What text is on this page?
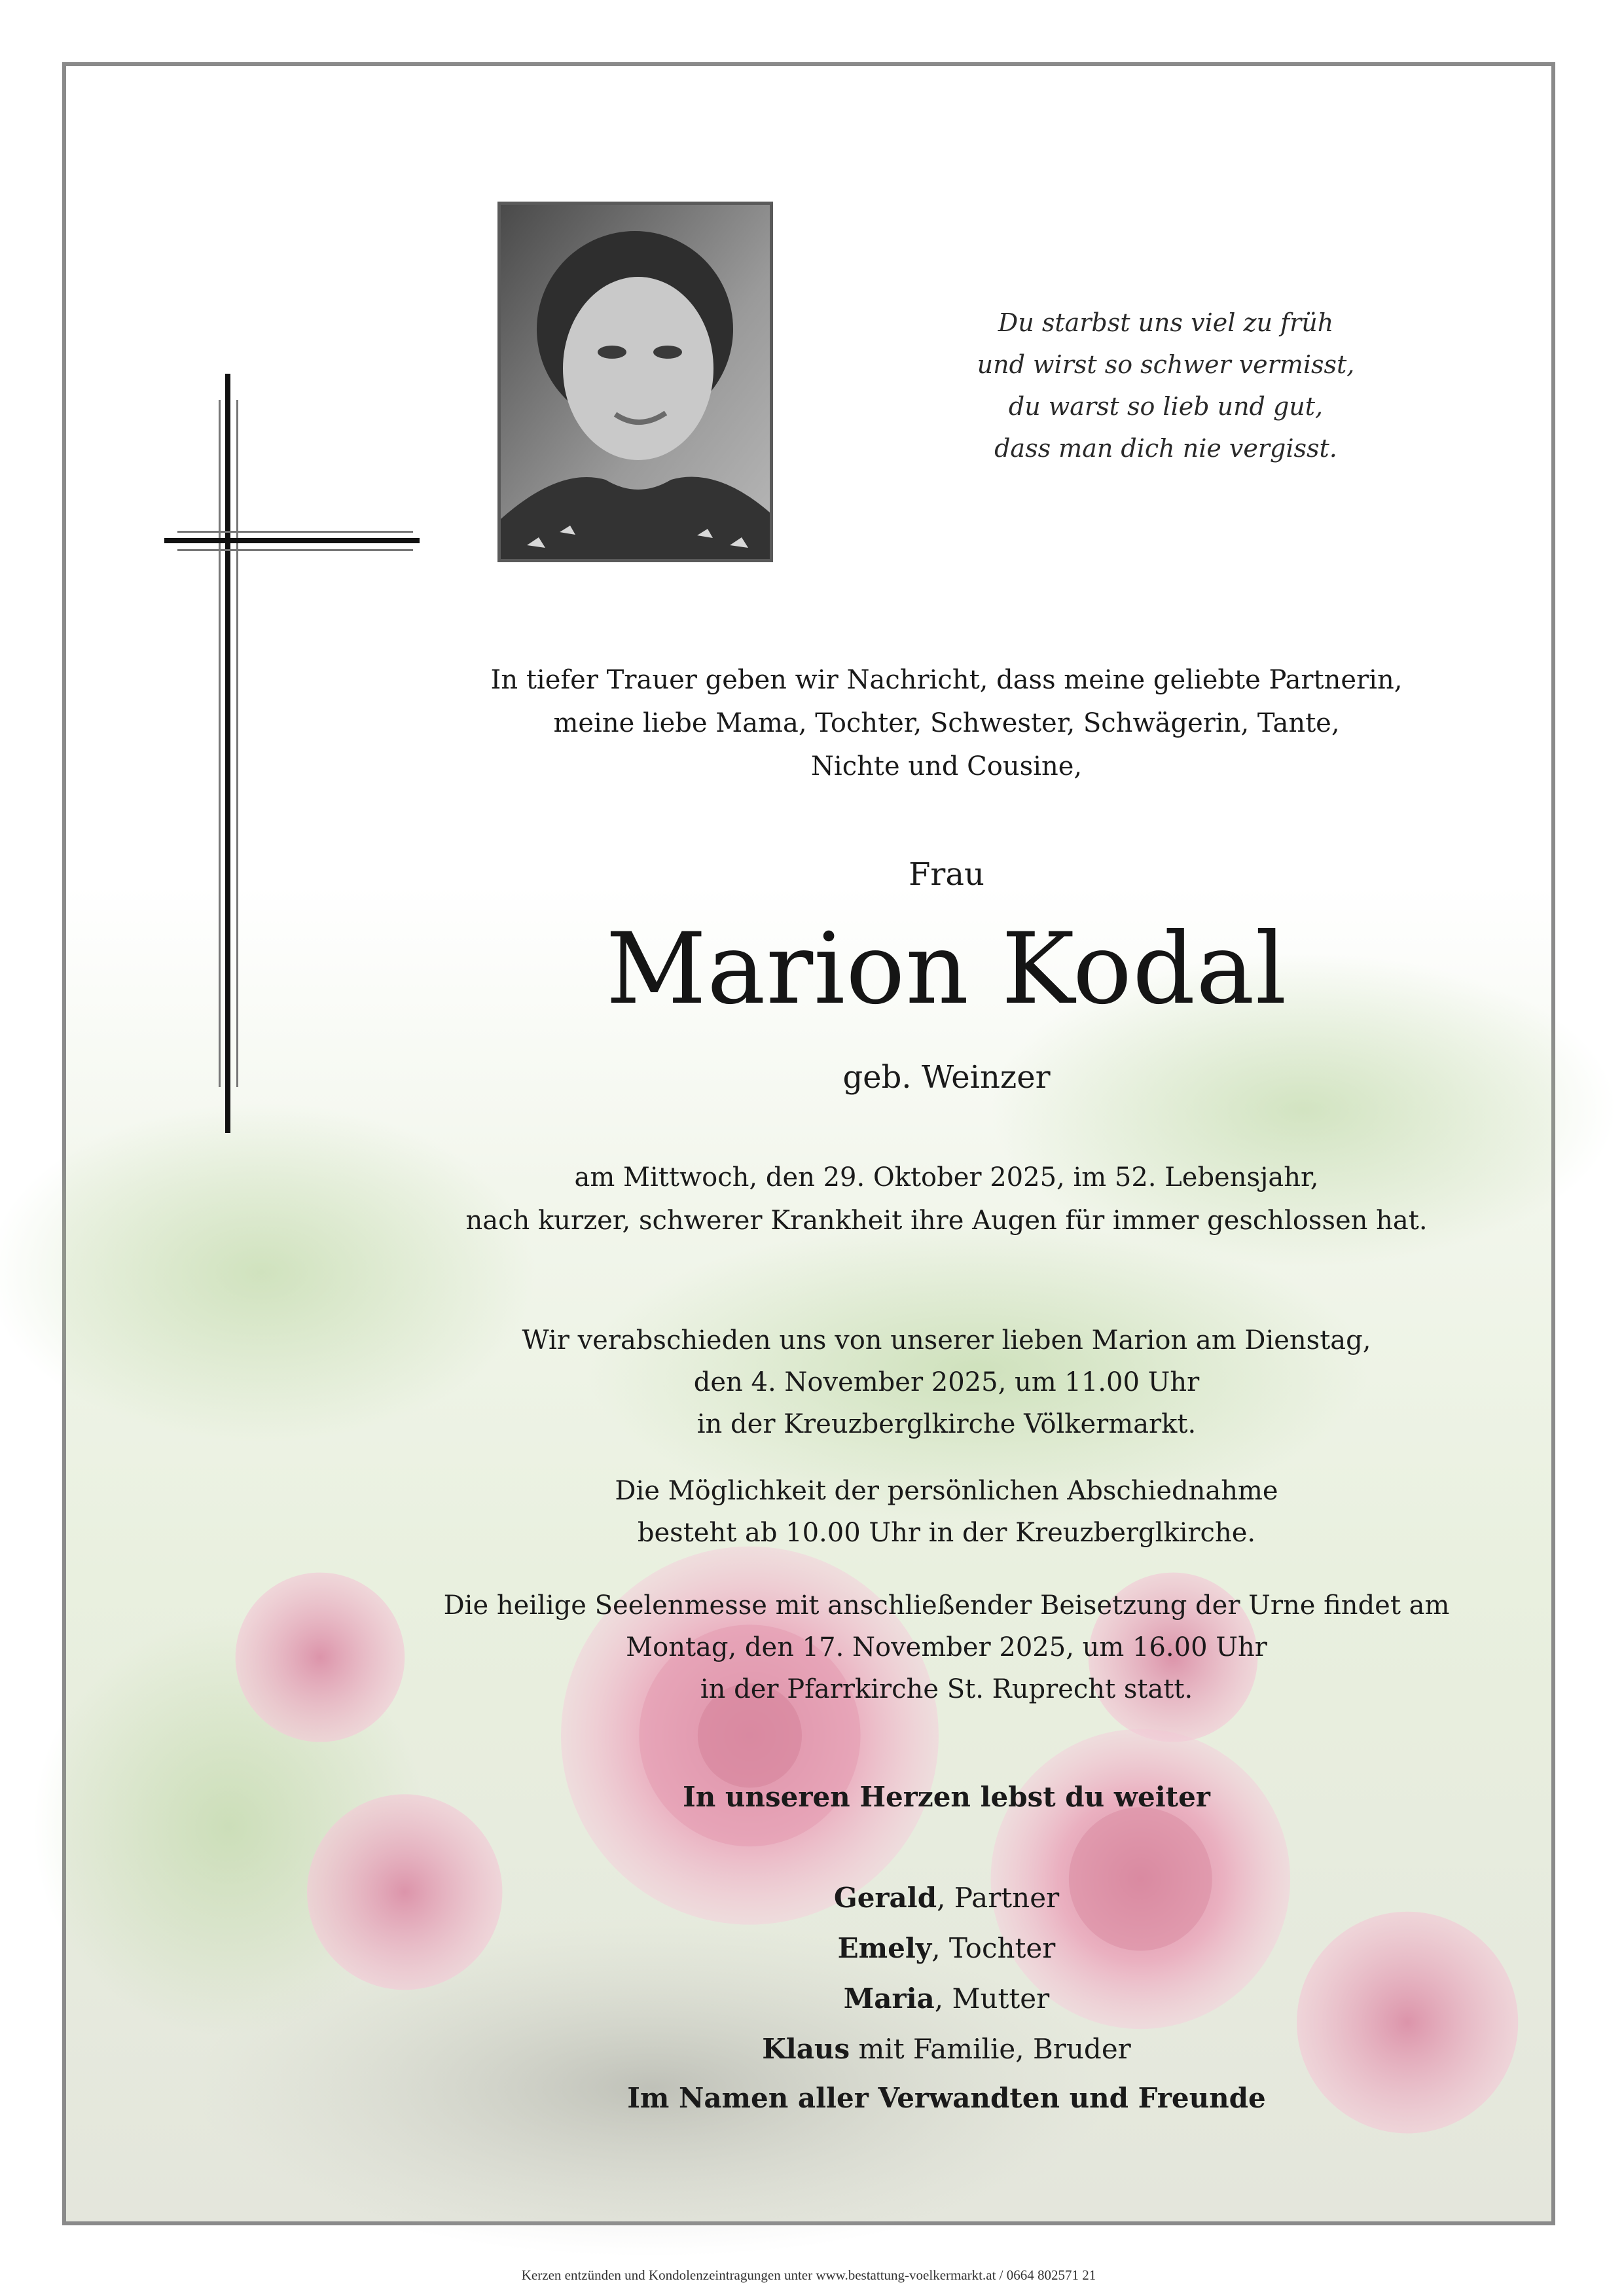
Du starbst uns viel zu früh
und wirst so schwer vermisst,
du warst so lieb und gut,
dass man dich nie vergisst.
In tiefer Trauer geben wir Nachricht, dass meine geliebte Partnerin,
meine liebe Mama, Tochter, Schwester, Schwägerin, Tante,
Nichte und Cousine,
Frau
Marion Kodal
geb. Weinzer
am Mittwoch, den 29. Oktober 2025, im 52. Lebensjahr,
nach kurzer, schwerer Krankheit ihre Augen für immer geschlossen hat.
Wir verabschieden uns von unserer lieben Marion am Dienstag,
den 4. November 2025, um 11.00 Uhr
in der Kreuzberglkirche Völkermarkt.
Die Möglichkeit der persönlichen Abschiednahme
besteht ab 10.00 Uhr in der Kreuzberglkirche.
Die heilige Seelenmesse mit anschließender Beisetzung der Urne findet am
Montag, den 17. November 2025, um 16.00 Uhr
in der Pfarrkirche St. Ruprecht statt.
In unseren Herzen lebst du weiter
Gerald, Partner
Emely, Tochter
Maria, Mutter
Klaus mit Familie, Bruder
Im Namen aller Verwandten und Freunde
Kerzen entzünden und Kondolenzeintragungen unter www.bestattung-voelkermarkt.at / 0664 802571 21
